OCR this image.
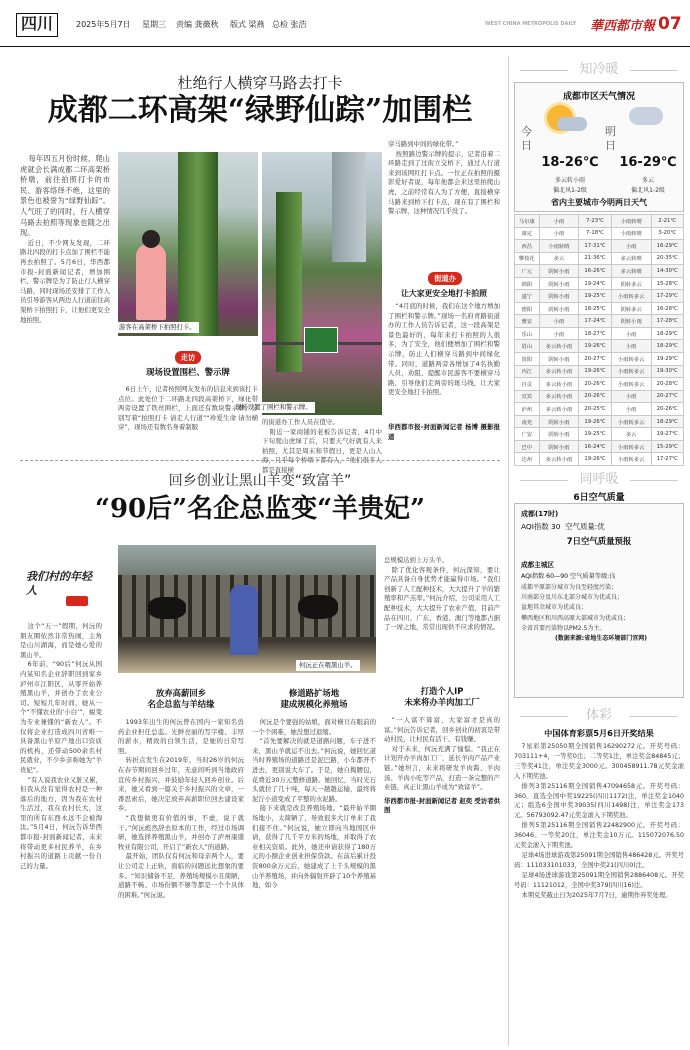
四川	2025年5月7日 星期三 责编 龚薇秋 版式 梁燕 总检 张浩	WEST CHINA METROPOLIS DAILY 華西都市報 07
杜绝行人横穿马路去打卡
成都二环高架“绿野仙踪”加围栏

每年四五月份时候，爬山虎就会长满成都二环高架桥桥墩，前往拍照打卡的市民、游客络绎不绝，这里的景色也被誉为“绿野仙踪”。人气旺了的同时，行人横穿马路去拍照等现象也随之出现。

近日，不少网友发现，二环路北四段的打卡点加了围栏不能再去拍照了。5月6日，华西都市报-封面新闻记者，增加围栏、警示牌是为了防止行人横穿马路，同时现场还安排了工作人员引导游客从两边人行道前往高架桥下拍照打卡，让他们更安全地拍照。

游客在高架桥下拍照打卡。
现场设置了围栏和警示牌。
走访
现场设置围栏、警示牌

6日上午，记者按照网友发布的信息来到该打卡点位。此处位于二环路北四段高架桥下，绿化带两旁设置了铁丝围栏，上面还有数块警示牌，分别写着“拍照打卡 请走人行道”“珍爱生命 请勿横穿”，现场还有数名身着制服

的街道办工作人员在值守。

附近一家商铺的老板告诉记者，4月中下旬爬山虎绿了后，只要天气好就有人来拍照，尤其是周末和节假日，更是人山人海，几乎每个桥墩下都有人，“他们很多人都是直接横

穿马路到中间的绿化带。”

按照路边警示牌的提示，记者沿着二环路走到了过街立交桥下，通过人行道来到该网红打卡点。一位正在拍照的摄影爱好者说，每年他都会来这里拍爬山虎，之前经常有人为了方便，直接横穿马路来到桥下打卡点，现在有了围栏和警示牌，这种情况几乎没了。

街道办
让大家更安全地打卡拍照

“4月底的时候，我们在这个地方增加了围栏和警示牌。”现场一名府青路街道办的工作人员告诉记者，这一段高架是景色最好的，每年来打卡拍照的人很多，为了安全，他们便增加了围栏和警示牌，防止人们横穿马路到中间绿化带。同时，道路两旁各增加了4名执勤人员，劝阻、提醒市民游客不要横穿马路，引导他们走两旁的斑马线，让大家更安全地打卡拍照。

华西都市报-封面新闻记者 杨博 摄影报道

回乡创业让黑山羊变“致富羊”
“90后”名企总监变“羊贵妃”
我们村的年轻人

这个“五一”假期，何沅的朋友圈依然非常热闹，主角是山川湖海，而是她心爱的黑山羊。

6年前，“90后”何沅从国内某知名企业辞职回到家乡泸州市江阳区，从零开始养殖黑山羊，并创办了农业公司。短短几年时间，她从一个“不懂农业的‘小白’”，蜕变为专业兼懂的“新农人”。不仅将企业打造成四川省唯一具备黑山羊原产地出口资质的机构，还带动500余名村民就业，不少乡亲称她为“羊贵妃”。

“有人说我农业又脏又累，但我从没有觉得农村是一种落后的地方，因为我在农村生活过，我在农村长大，这里的所有东西永远不会被淘汰。”5月4日，何沅告诉华西都市报-封面新闻记者，未来将带动更多村民养羊，在乡村振兴的道路上贡献一份自己的力量。

何沅正在喂黑山羊。
放弃高薪回乡
名企总监与羊结缘

1993年出生的何沅曾在国内一家知名兽药企业担任总监。光鲜亮丽的写字楼、丰厚的薪水，精致的白领生活，是她的日常写照。

转折点发生在2019年，当时26岁的何沅在春节期间回乡过年，无意间听到当地政府宣传乡村振兴，并鼓励年轻人回乡创业。后来，她又看到一篇关于乡村振兴的文章，一番思索后，她决定放弃高薪职位回去建设家乡。

“我想做更有价值的事，不虚，说干就干。”何沅彪然辞去原本的工作，经过市场调研，她选择养殖黑山羊，并创办了泸州康盛牧业有限公司，开启了“新农人”的道路。

最开始，团队仅有何沅和母亲两个人，要让公司走上正轨，面临的问题远比想象的要多。“知识储备不足，养殖场规模小且简陋，道路不畅、市场份额不够等都是一个个具体的困难。”何沅说。

修道路扩场地
建成规模化养殖场

何沅是个要强的姑娘，面对横亘在眼前的一个个困难，她没想过退缩。

“首先要解决的就是道路问题，车子进不来，黑山羊就运不出去。”何沅说，她回忆道当时养殖场的道路还是泥巴路，小车都开不进去，更别说大车了。于是，她自掏腰包，花费近30万元整修道路。她回忆，当时光石头就拉了几十吨，每天一趟趟运输，最终将泥泞小道变成了平整的水泥路。

接下来就是改良养殖场地。“最开始羊圈场地小，太简陋了，导致很多大订单来了我们接不住。”何沅说，她立即向当地国区申请，获得了几千平方米的场地，并取得了农业相关资质。此外，她还申请获得了180万元的小额企业创业担保贷款。在前后累计投资800余万元后，她建成了上千头规模的黑山羊养殖场，并向外辐射开辟了10个养殖基地，如今

总规模达到上万头羊。

除了优化客观条件，何沅深知，要让产品具备自身优势才能赢得市场。“我们创新了人工配种技术，大大提升了羊的繁殖率和产羔率。”何沅介绍，公司采用人工配种技术，大大提升了农业产值，目前产品在四川、广东、香港、澳门等地都占据了一席之地，常常出现供不应求的情况。

打造个人IP
未来将办羊肉加工厂

“一人富不算富，大家富才是真的富。”何沅告诉记者，回乡创业的初衷是带动村民，让村民有活干、有钱赚。

对于未来，何沅充满了憧憬。“我正在计划开办羊肉加工厂，延长羊肉产品产业链。”她坦言，未来将研发羊肉酱、羊肉汤、羊肉小吃等产品，打造一条完整的产业链，真正让黑山羊成为“致富羊”。

华西都市报-封面新闻记者 赵奕 受访者供图

知冷暖
成都市区天气情况
今日
18-26℃
多云转小雨
偏北风1-2级
明日
16-29℃
多云
偏北风1-2级
省内主要城市今明两日天气
马尔康	小雨	7-23℃	小雨转晴	2-21℃
康定	小雨	7-18℃	小雨转晴	3-20℃
西昌	小雨转晴	17-31℃	小雨	16-29℃
攀枝花	多云	21-36℃	多云转晴	20-35℃
广元	阴转小雨	16-26℃	多云转晴	14-30℃
绵阳	阴转小雨	19-24℃	阴转多云	15-28℃
遂宁	阴转小雨	19-25℃	小雨转多云	17-29℃
德阳	阴转小雨	18-25℃	阴转多云	16-28℃
雅安	小雨	17-24℃	阴转小雨	17-28℃
乐山	小雨	18-27℃	小雨	18-29℃
眉山	多云转小雨	19-26℃	小雨	18-29℃
资阳	阴转小雨	20-27℃	小雨转多云	19-29℃
内江	多云转小雨	19-26℃	小雨转多云	19-30℃
自贡	多云转小雨	20-26℃	小雨转多云	20-28℃
宜宾	多云转小雨	20-26℃	小雨	20-27℃
泸州	多云转小雨	20-25℃	小雨	20-26℃
南充	阴转小雨	19-26℃	小雨转多云	18-29℃
广安	阴转小雨	19-25℃	多云	19-27℃
巴中	阴转小雨	16-24℃	小雨转多云	15-29℃
达州	多云转小雨	19-26℃	小雨转多云	17-27℃
同呼吸
6日空气质量
成都(17时)
AQI指数 30  空气质量:优
7日空气质量预报
成都主城区
AQI指数 60—90 空气质量等级:良
成都平原部分城市为良至轻度污染；
川南部分及川东北部分城市为优或良；
盆地其余城市为优或良；
攀西地区和川西高原大部城市为优或良；
全省首要污染物以PM2.5为主。
(数据来源:省地生态环境部门官网)
体彩
中国体育彩票5月6日开奖结果

7星彩第25050期全国销售16290272元。开奖号码：703111+4，一等奖0注；二等奖1注，单注奖金84845元；三等奖41注，单注奖金3000元。300458911.78元奖金滚入下期奖池。

排列3第25116期全国销售47094658元。开奖号码：360。直选全国中奖19225(四川1172)注，单注奖金1040元；组选6全国中奖39035(四川1498)注，单注奖金173元。56793092.47元奖金滚入下期奖池。

排列5第25116期全国销售22482900元。开奖号码：36046。一等奖20注，单注奖金10万元。115072076.50元奖金滚入下期奖池。

足球4场进球游戏第25091期全国销售486428元。开奖号码：111033101033，全国中奖21(四川0)注。

足球4场进球游戏第25091期全国销售2886408元。开奖号码：11121012，全国中奖379(四川16)注。

本期兑奖截止日为2025年7月7日，逾期作弃奖处理。
